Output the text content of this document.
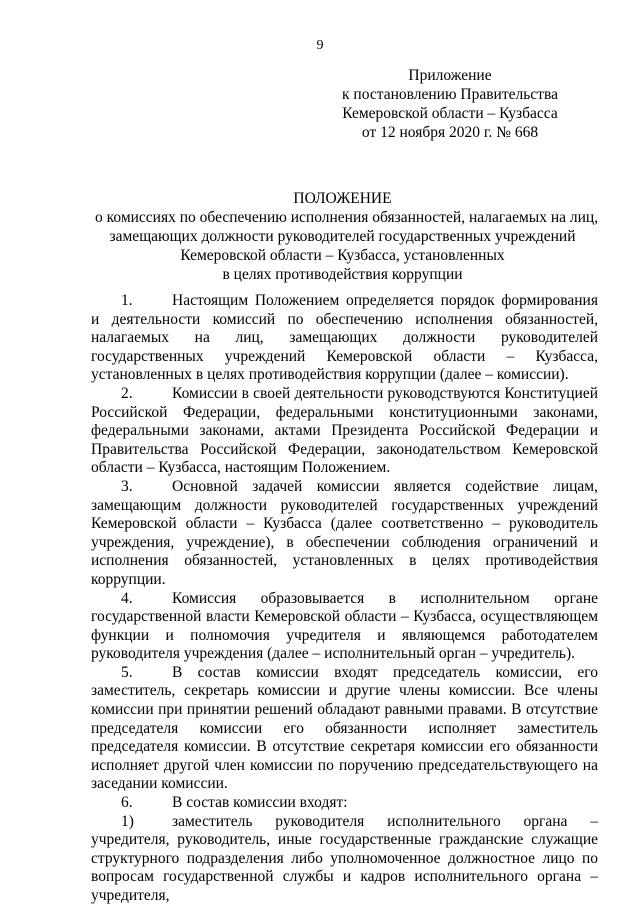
9
Приложение
к постановлению Правительства
Кемеровской области – Кузбасса
от 12 ноября 2020 г. № 668
ПОЛОЖЕНИЕ
о комиссиях по обеспечению исполнения обязанностей, налагаемых на лиц,
замещающих должности руководителей государственных учреждений
Кемеровской области – Кузбасса, установленных
в целях противодействия коррупции

1.	Настоящим Положением определяется порядок формирования и деятельности комиссий по обеспечению исполнения обязанностей, налагаемых на лиц, замещающих должности руководителей государственных учреждений Кемеровской области – Кузбасса, установленных в целях противодействия коррупции (далее – комиссии).

2.	Комиссии в своей деятельности руководствуются Конституцией Российской Федерации, федеральными конституционными законами, федеральными законами, актами Президента Российской Федерации и Правительства Российской Федерации, законодательством Кемеровской области – Кузбасса, настоящим Положением.

3.	Основной задачей комиссии является содействие лицам, замещающим должности руководителей государственных учреждений Кемеровской области – Кузбасса (далее соответственно – руководитель учреждения, учреждение), в обеспечении соблюдения ограничений и исполнения обязанностей, установленных в целях противодействия коррупции.

4.	Комиссия образовывается в исполнительном органе государственной власти Кемеровской области – Кузбасса, осуществляющем функции и полномочия учредителя и являющемся работодателем руководителя учреждения (далее – исполнительный орган – учредитель).

5.	В состав комиссии входят председатель комиссии, его заместитель, секретарь комиссии и другие члены комиссии. Все члены комиссии при принятии решений обладают равными правами. В отсутствие председателя комиссии его обязанности исполняет заместитель председателя комиссии. В отсутствие секретаря комиссии его обязанности исполняет другой член комиссии по поручению председательствующего на заседании комиссии.

6.	В состав комиссии входят:

1) заместитель руководителя исполнительного органа – учредителя, руководитель, иные государственные гражданские служащие структурного подразделения либо уполномоченное должностное лицо по вопросам государственной службы и кадров исполнительного органа – учредителя,
